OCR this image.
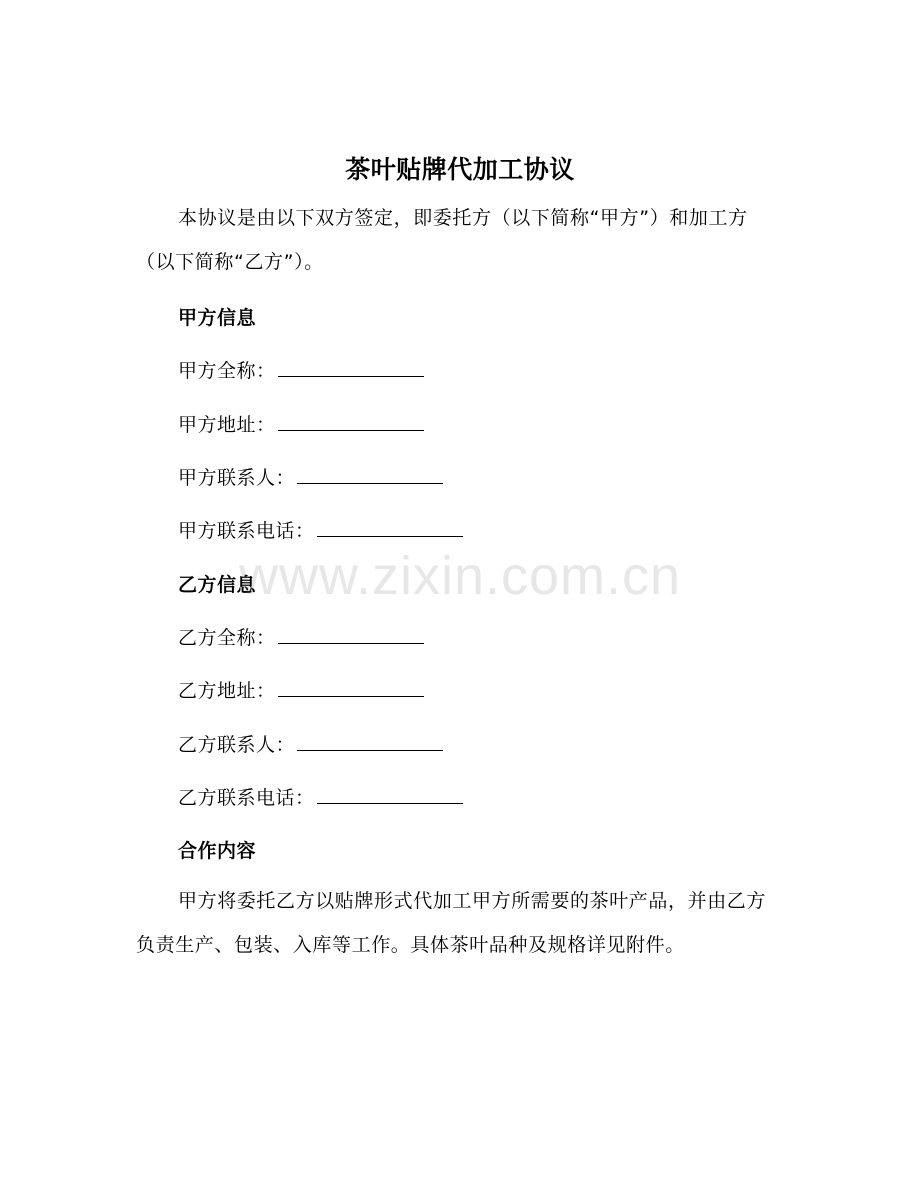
茶叶贴牌代加工协议
本协议是由以下双方签定，即委托方（以下简称“甲方”）和加工方（以下简称“乙方”）。
甲方信息
甲方全称：
甲方地址：
甲方联系人：
甲方联系电话：
乙方信息
乙方全称：
乙方地址：
乙方联系人：
乙方联系电话：
合作内容
甲方将委托乙方以贴牌形式代加工甲方所需要的茶叶产品，并由乙方负责生产、包装、入库等工作。具体茶叶品种及规格详见附件。
www.zixin.com.cn
